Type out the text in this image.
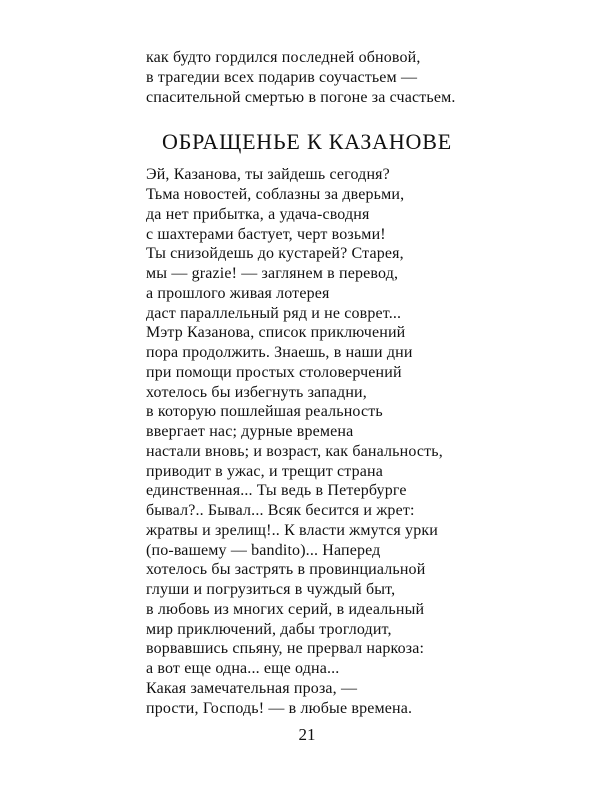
как будто гордился последней обновой,
в трагедии всех подарив соучастьем —
спасительной смертью в погоне за счастьем.
ОБРАЩЕНЬЕ К КАЗАНОВЕ
Эй, Казанова, ты зайдешь сегодня?
Тьма новостей, соблазны за дверьми,
да нет прибытка, а удача-сводня
с шахтерами бастует, черт возьми!
Ты снизойдешь до кустарей? Старея,
мы — grazie! — заглянем в перевод,
а прошлого живая лотерея
даст параллельный ряд и не соврет...
Мэтр Казанова, список приключений
пора продолжить. Знаешь, в наши дни
при помощи простых столоверчений
хотелось бы избегнуть западни,
в которую пошлейшая реальность
ввергает нас; дурные времена
настали вновь; и возраст, как банальность,
приводит в ужас, и трещит страна
единственная... Ты ведь в Петербурге
бывал?.. Бывал... Всяк бесится и жрет:
жратвы и зрелищ!.. К власти жмутся урки
(по-вашему — bandito)... Наперед
хотелось бы застрять в провинциальной
глуши и погрузиться в чуждый быт,
в любовь из многих серий, в идеальный
мир приключений, дабы троглодит,
ворвавшись спьяну, не прервал наркоза:
а вот еще одна... еще одна...
Какая замечательная проза, —
прости, Господь! — в любые времена.
21
